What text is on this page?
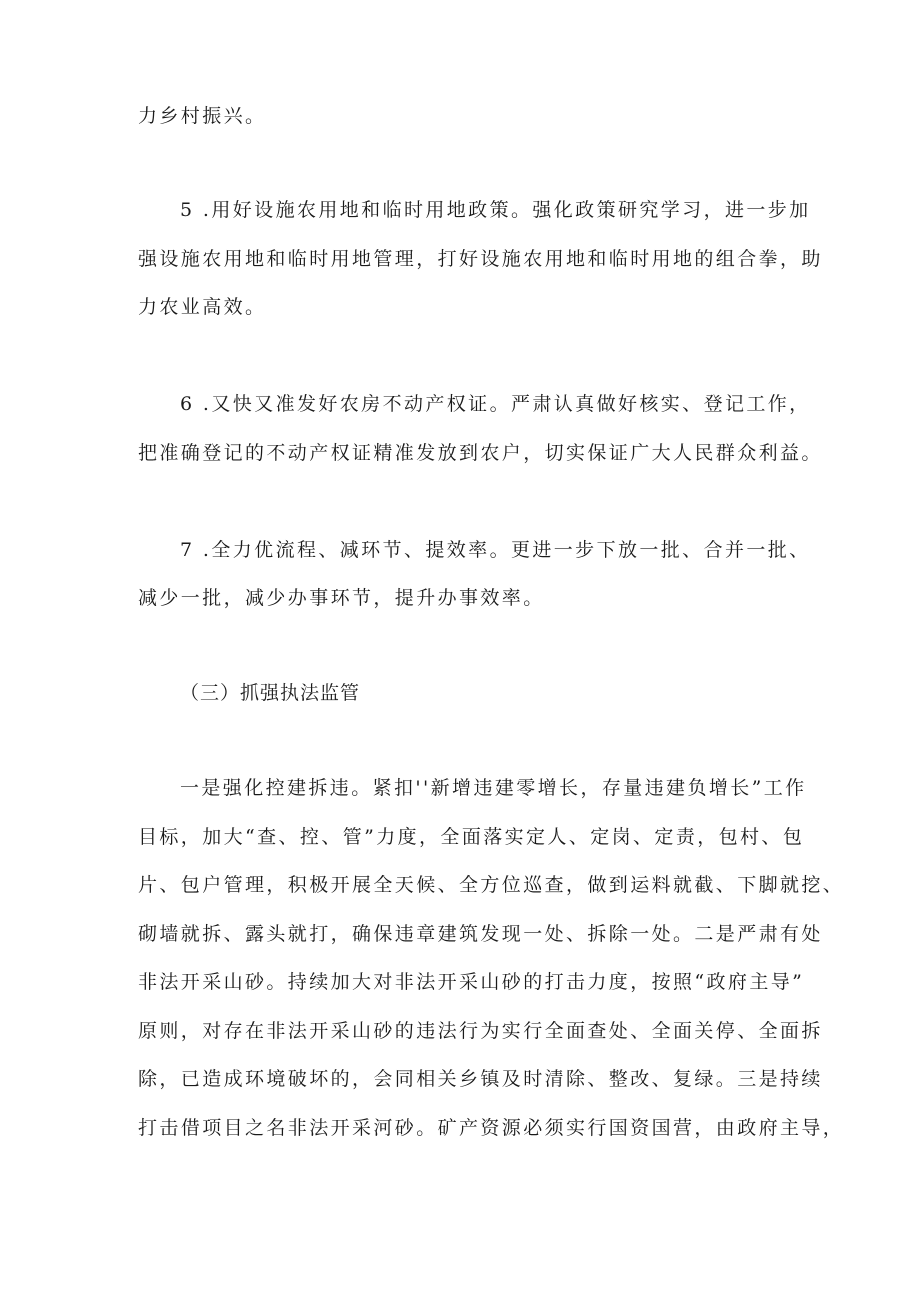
力乡村振兴。
5 .用好设施农用地和临时用地政策。强化政策研究学习，进一步加
强设施农用地和临时用地管理，打好设施农用地和临时用地的组合拳，助
力农业高效。
6 .又快又准发好农房不动产权证。严肃认真做好核实、登记工作，
把准确登记的不动产权证精准发放到农户，切实保证广大人民群众利益。
7 .全力优流程、减环节、提效率。更进一步下放一批、合并一批、
减少一批，减少办事环节，提升办事效率。
（三）抓强执法监管
一是强化控建拆违。紧扣''新增违建零增长，存量违建负增长”工作
目标，加大“查、控、管”力度，全面落实定人、定岗、定责，包村、包
片、包户管理，积极开展全天候、全方位巡查，做到运料就截、下脚就挖、
砌墙就拆、露头就打，确保违章建筑发现一处、拆除一处。二是严肃有处
非法开采山砂。持续加大对非法开采山砂的打击力度，按照“政府主导”
原则，对存在非法开采山砂的违法行为实行全面查处、全面关停、全面拆
除，已造成环境破坏的，会同相关乡镇及时清除、整改、复绿。三是持续
打击借项目之名非法开采河砂。矿产资源必须实行国资国营，由政府主导，
